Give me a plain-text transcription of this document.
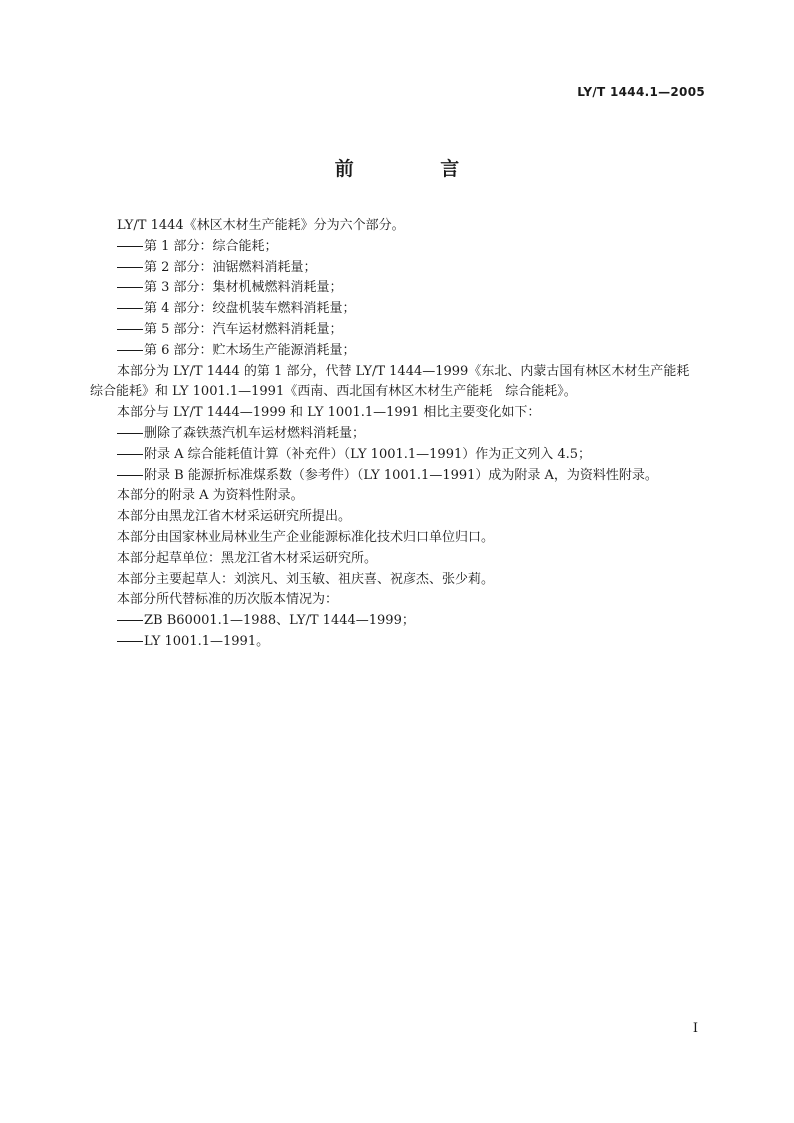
LY/T 1444.1—2005
前 言

LY/T 1444《林区木材生产能耗》分为六个部分。

第 1 部分：综合能耗；

第 2 部分：油锯燃料消耗量；

第 3 部分：集材机械燃料消耗量；

第 4 部分：绞盘机装车燃料消耗量；

第 5 部分：汽车运材燃料消耗量；

第 6 部分：贮木场生产能源消耗量；

本部分为 LY/T 1444 的第 1 部分，代替 LY/T 1444—1999《东北、内蒙古国有林区木材生产能耗 综合能耗》和 LY 1001.1—1991《西南、西北国有林区木材生产能耗　综合能耗》。

本部分与 LY/T 1444—1999 和 LY 1001.1—1991 相比主要变化如下：

删除了森铁蒸汽机车运材燃料消耗量；

附录 A 综合能耗值计算（补充件）（LY 1001.1—1991）作为正文列入 4.5；

附录 B 能源折标准煤系数（参考件）（LY 1001.1—1991）成为附录 A，为资料性附录。

本部分的附录 A 为资料性附录。

本部分由黑龙江省木材采运研究所提出。

本部分由国家林业局林业生产企业能源标准化技术归口单位归口。

本部分起草单位：黑龙江省木材采运研究所。

本部分主要起草人：刘滨凡、刘玉敏、祖庆喜、祝彦杰、张少莉。

本部分所代替标准的历次版本情况为：

ZB B60001.1—1988、LY/T 1444—1999；

LY 1001.1—1991。

I
